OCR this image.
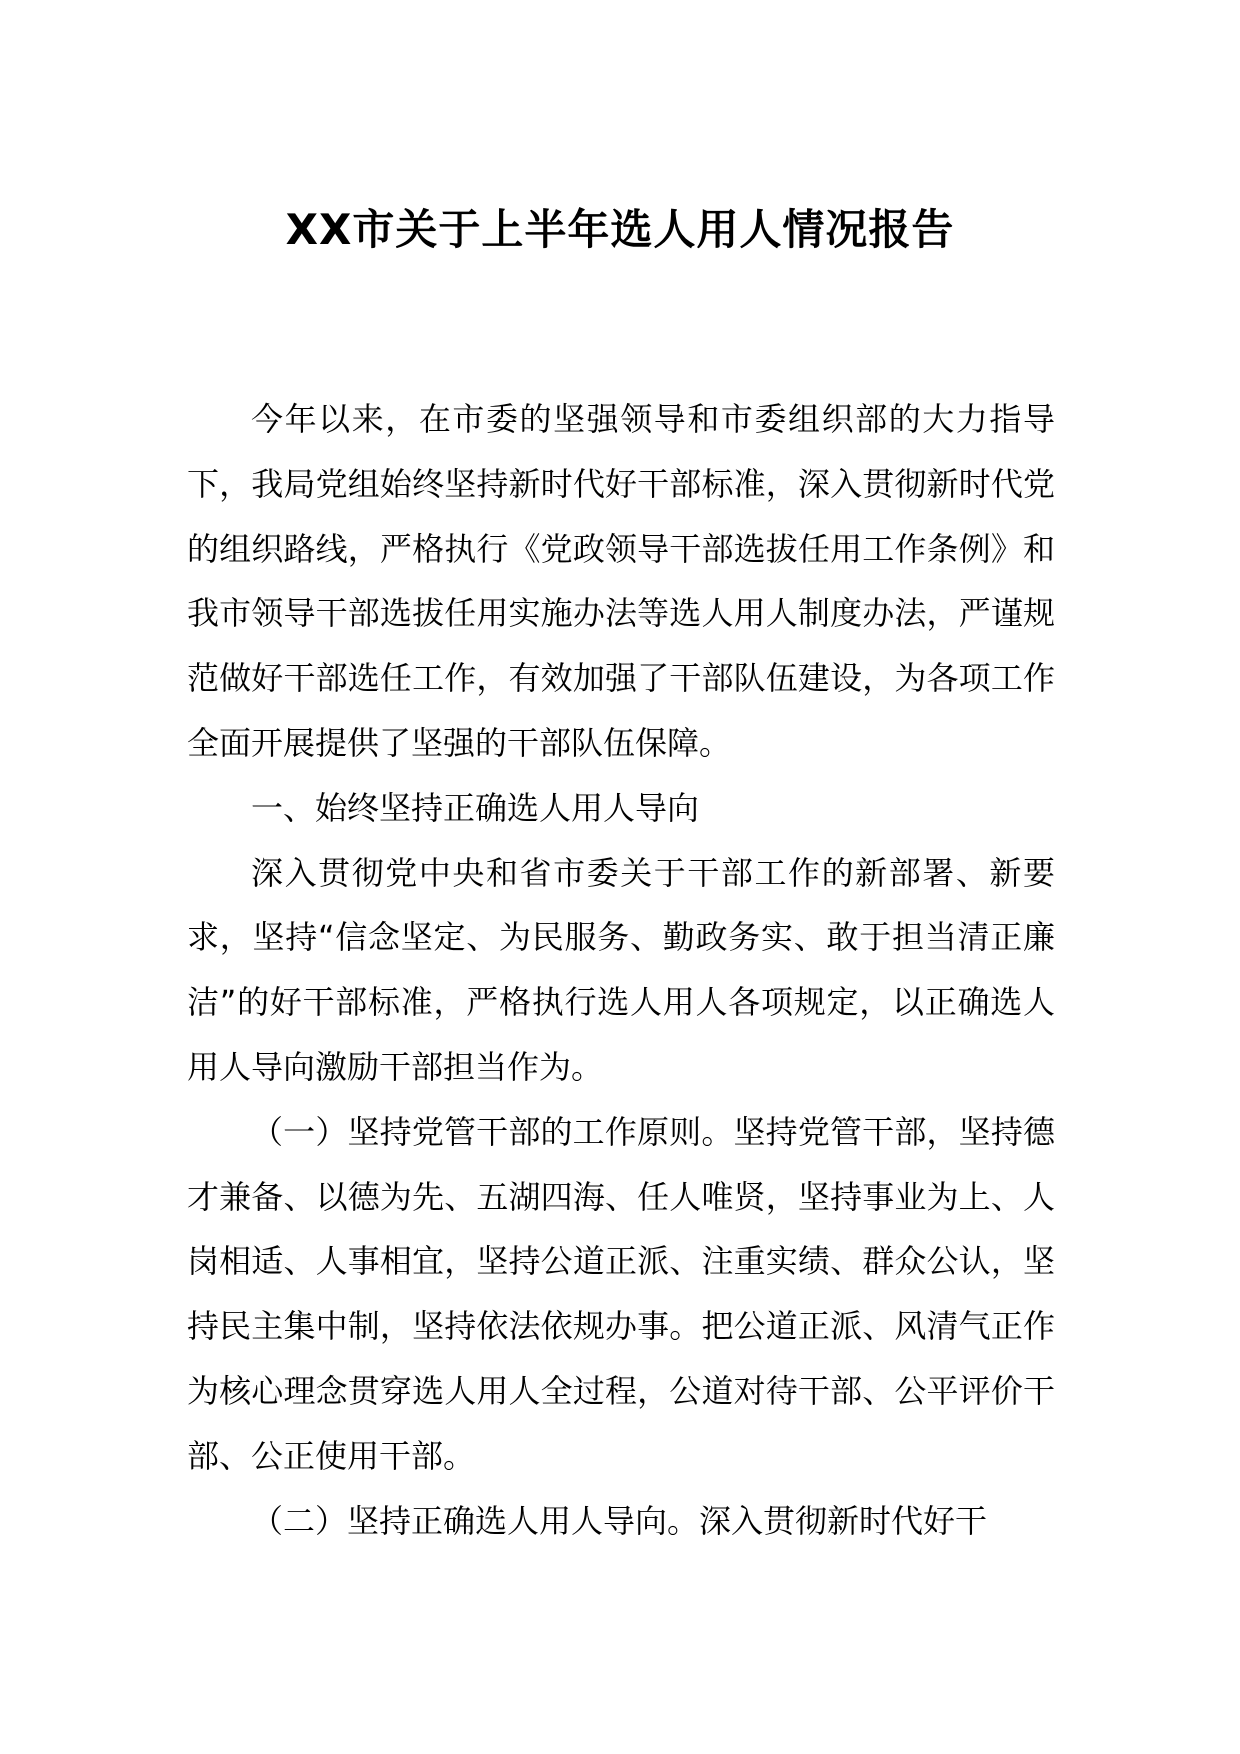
XX市关于上半年选人用人情况报告

今年以来，在市委的坚强领导和市委组织部的大力指导下，我局党组始终坚持新时代好干部标准，深入贯彻新时代党的组织路线，严格执行《党政领导干部选拔任用工作条例》和我市领导干部选拔任用实施办法等选人用人制度办法，严谨规范做好干部选任工作，有效加强了干部队伍建设，为各项工作全面开展提供了坚强的干部队伍保障。

一、始终坚持正确选人用人导向

深入贯彻党中央和省市委关于干部工作的新部署、新要求，坚持“信念坚定、为民服务、勤政务实、敢于担当清正廉洁”的好干部标准，严格执行选人用人各项规定，以正确选人用人导向激励干部担当作为。

（一）坚持党管干部的工作原则。坚持党管干部，坚持德才兼备、以德为先、五湖四海、任人唯贤，坚持事业为上、人岗相适、人事相宜，坚持公道正派、注重实绩、群众公认，坚持民主集中制，坚持依法依规办事。把公道正派、风清气正作为核心理念贯穿选人用人全过程，公道对待干部、公平评价干部、公正使用干部。

（二）坚持正确选人用人导向。深入贯彻新时代好干
